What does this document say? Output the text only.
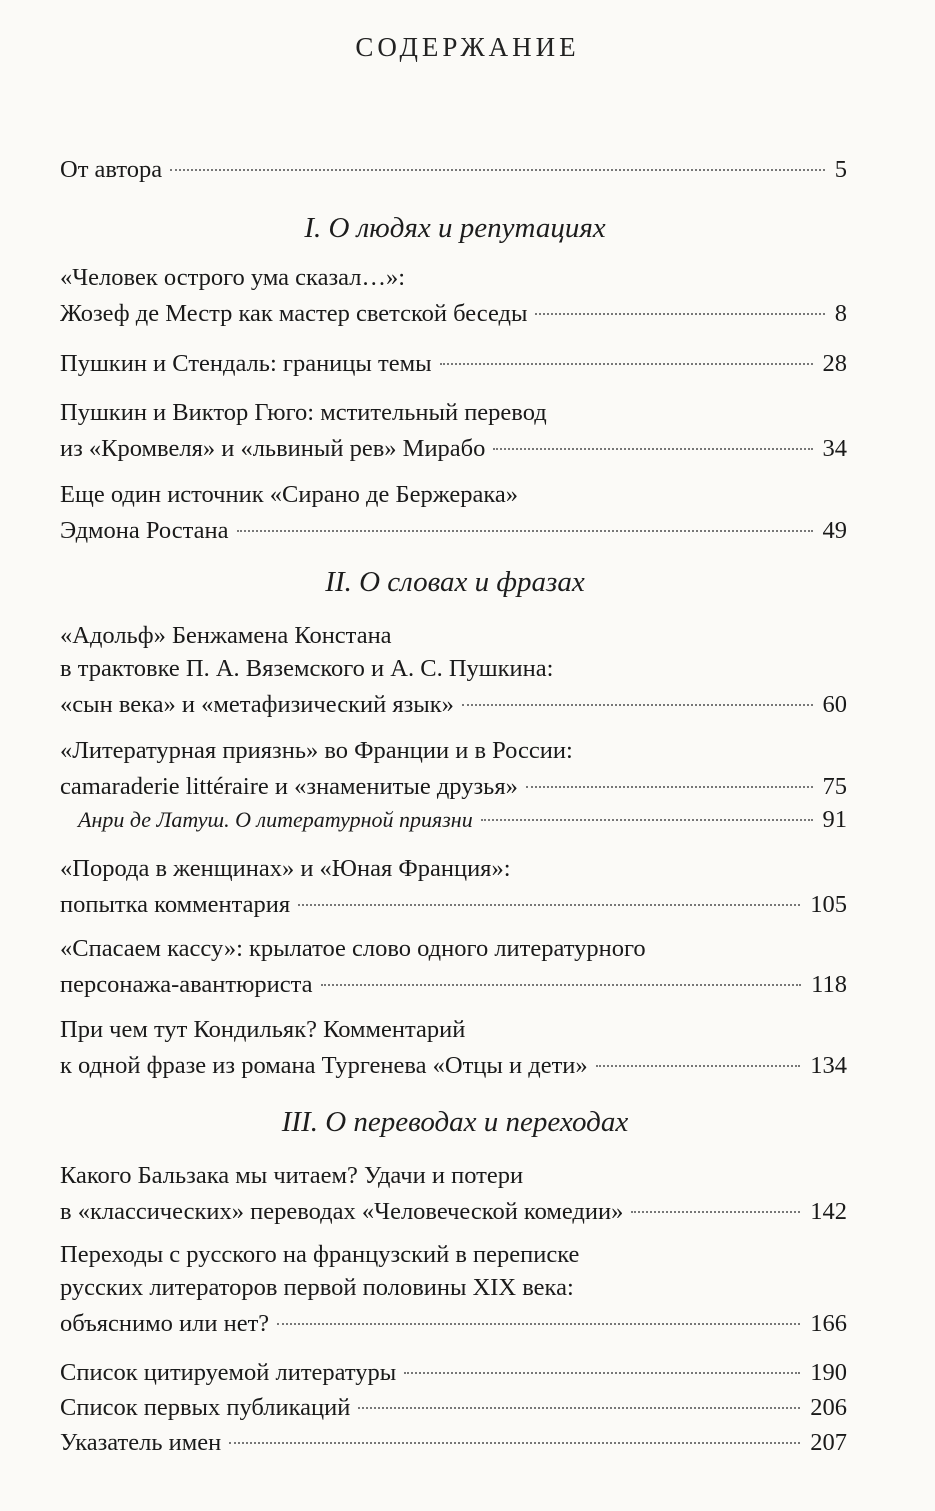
СОДЕРЖАНИЕ
От автора	5
I. О людях и репутациях
«Человек острого ума сказал…»:
Жозеф де Местр как мастер светской беседы	8
Пушкин и Стендаль: границы темы	28
Пушкин и Виктор Гюго: мстительный перевод
из «Кромвеля» и «львиный рев» Мирабо	34
Еще один источник «Сирано де Бержерака»
Эдмона Ростана	49
II. О словах и фразах
«Адольф» Бенжамена Констана
в трактовке П. А. Вяземского и А. С. Пушкина:
«сын века» и «метафизический язык»	60
«Литературная приязнь» во Франции и в России:
camaraderie littéraire и «знаменитые друзья»	75
Анри де Латуш. О литературной приязни	91
«Порода в женщинах» и «Юная Франция»:
попытка комментария	105
«Спасаем кассу»: крылатое слово одного литературного
персонажа-авантюриста	118
При чем тут Кондильяк? Комментарий
к одной фразе из романа Тургенева «Отцы и дети»	134
III. О переводах и переходах
Какого Бальзака мы читаем? Удачи и потери
в «классических» переводах «Человеческой комедии»	142
Переходы с русского на французский в переписке
русских литераторов первой половины XIX века:
объяснимо или нет?	166
Список цитируемой литературы	190
Список первых публикаций	206
Указатель имен	207
